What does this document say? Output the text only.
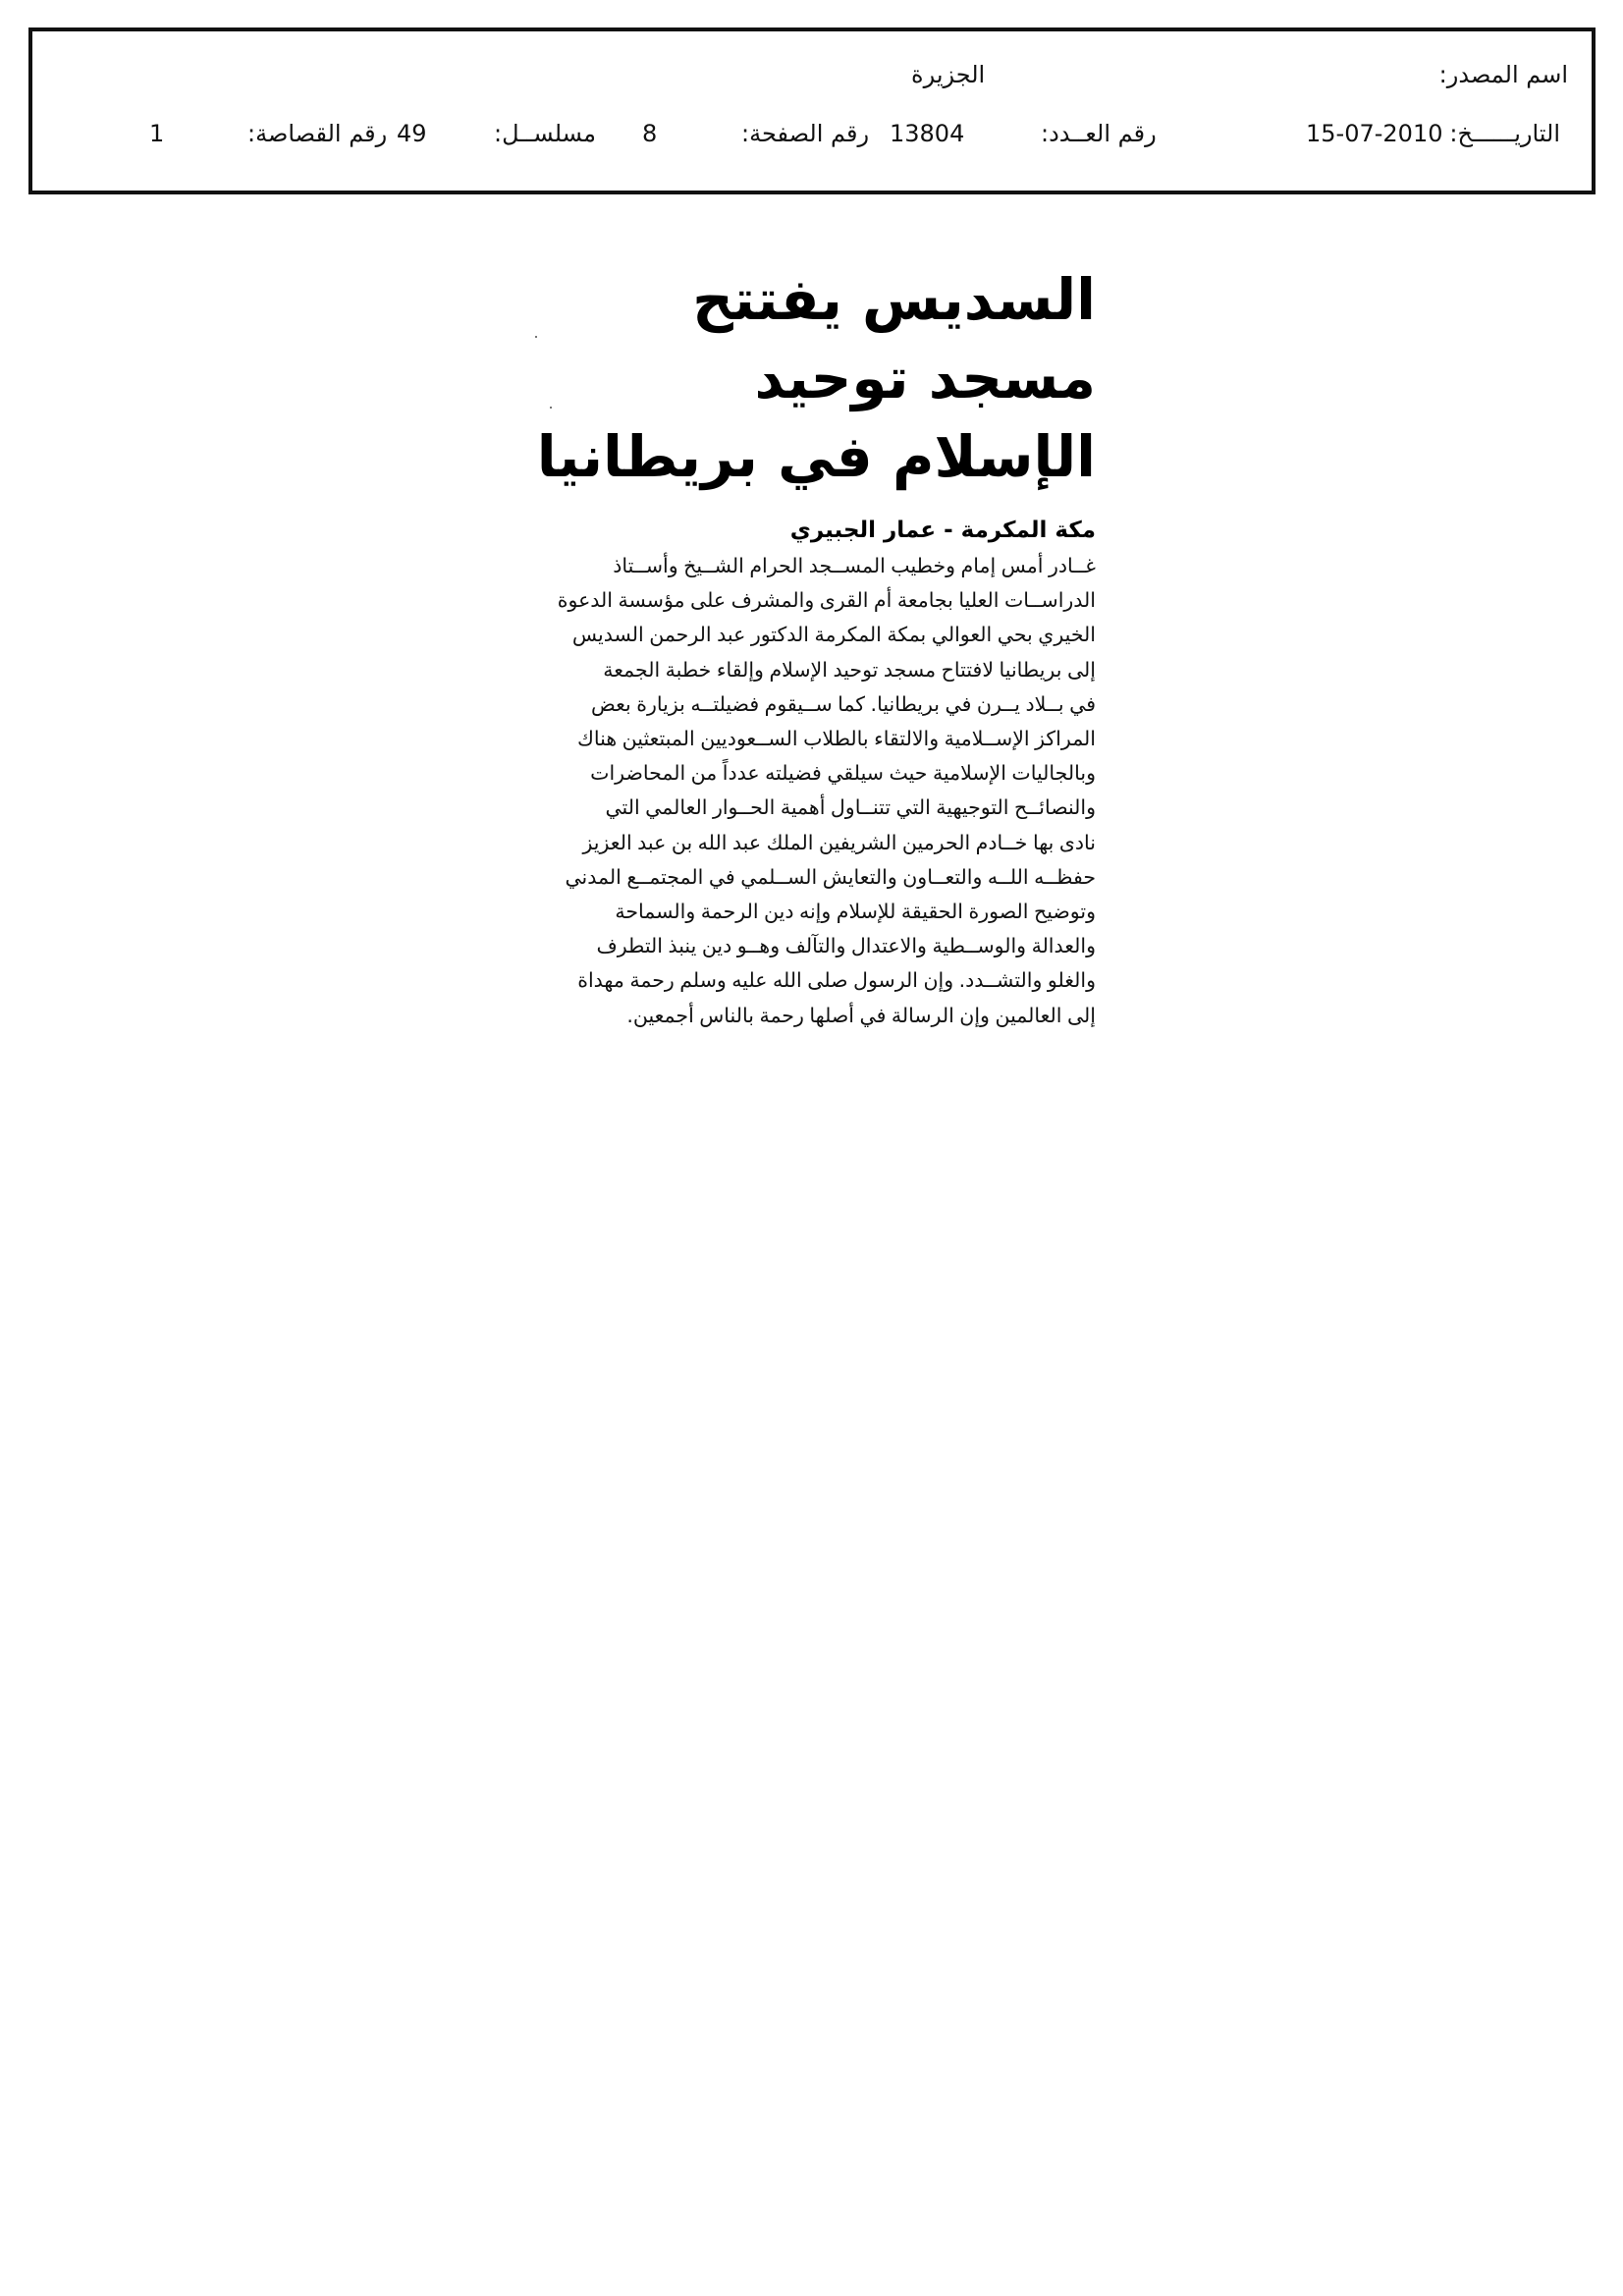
اسم المصدر:
الجزيرة
التاريــــــخ:
15-07-2010
رقم العــدد:
13804
رقم الصفحة:
8
مسلســل:
49
رقم القصاصة:
1
السديس يفتتح مسجد توحيد
الإسلام في بريطانيا
مكة المكرمة - عمار الجبيري

غــادر أمس إمام وخطيب المســجد الحرام الشــيخ وأســتاذ
الدراســات العليا بجامعة أم القرى والمشرف على مؤسسة الدعوة
الخيري بحي العوالي بمكة المكرمة الدكتور عبد الرحمن السديس
إلى بريطانيا لافتتاح مسجد توحيد الإسلام وإلقاء خطبة الجمعة
في بــلاد يــرن في بريطانيا. كما ســيقوم فضيلتــه بزيارة بعض
المراكز الإســلامية والالتقاء بالطلاب الســعوديين المبتعثين هناك
وبالجاليات الإسلامية حيث سيلقي فضيلته عدداً من المحاضرات
والنصائــح التوجيهية التي تتنــاول أهمية الحــوار العالمي التي
نادى بها خــادم الحرمين الشريفين الملك عبد الله بن عبد العزيز
حفظــه اللــه والتعــاون والتعايش الســلمي في المجتمــع المدني
وتوضيح الصورة الحقيقة للإسلام وإنه دين الرحمة والسماحة
والعدالة والوســطية والاعتدال والتآلف وهــو دين ينبذ التطرف
والغلو والتشــدد. وإن الرسول صلى الله عليه وسلم رحمة مهداة
إلى العالمين وإن الرسالة في أصلها رحمة بالناس أجمعين.
